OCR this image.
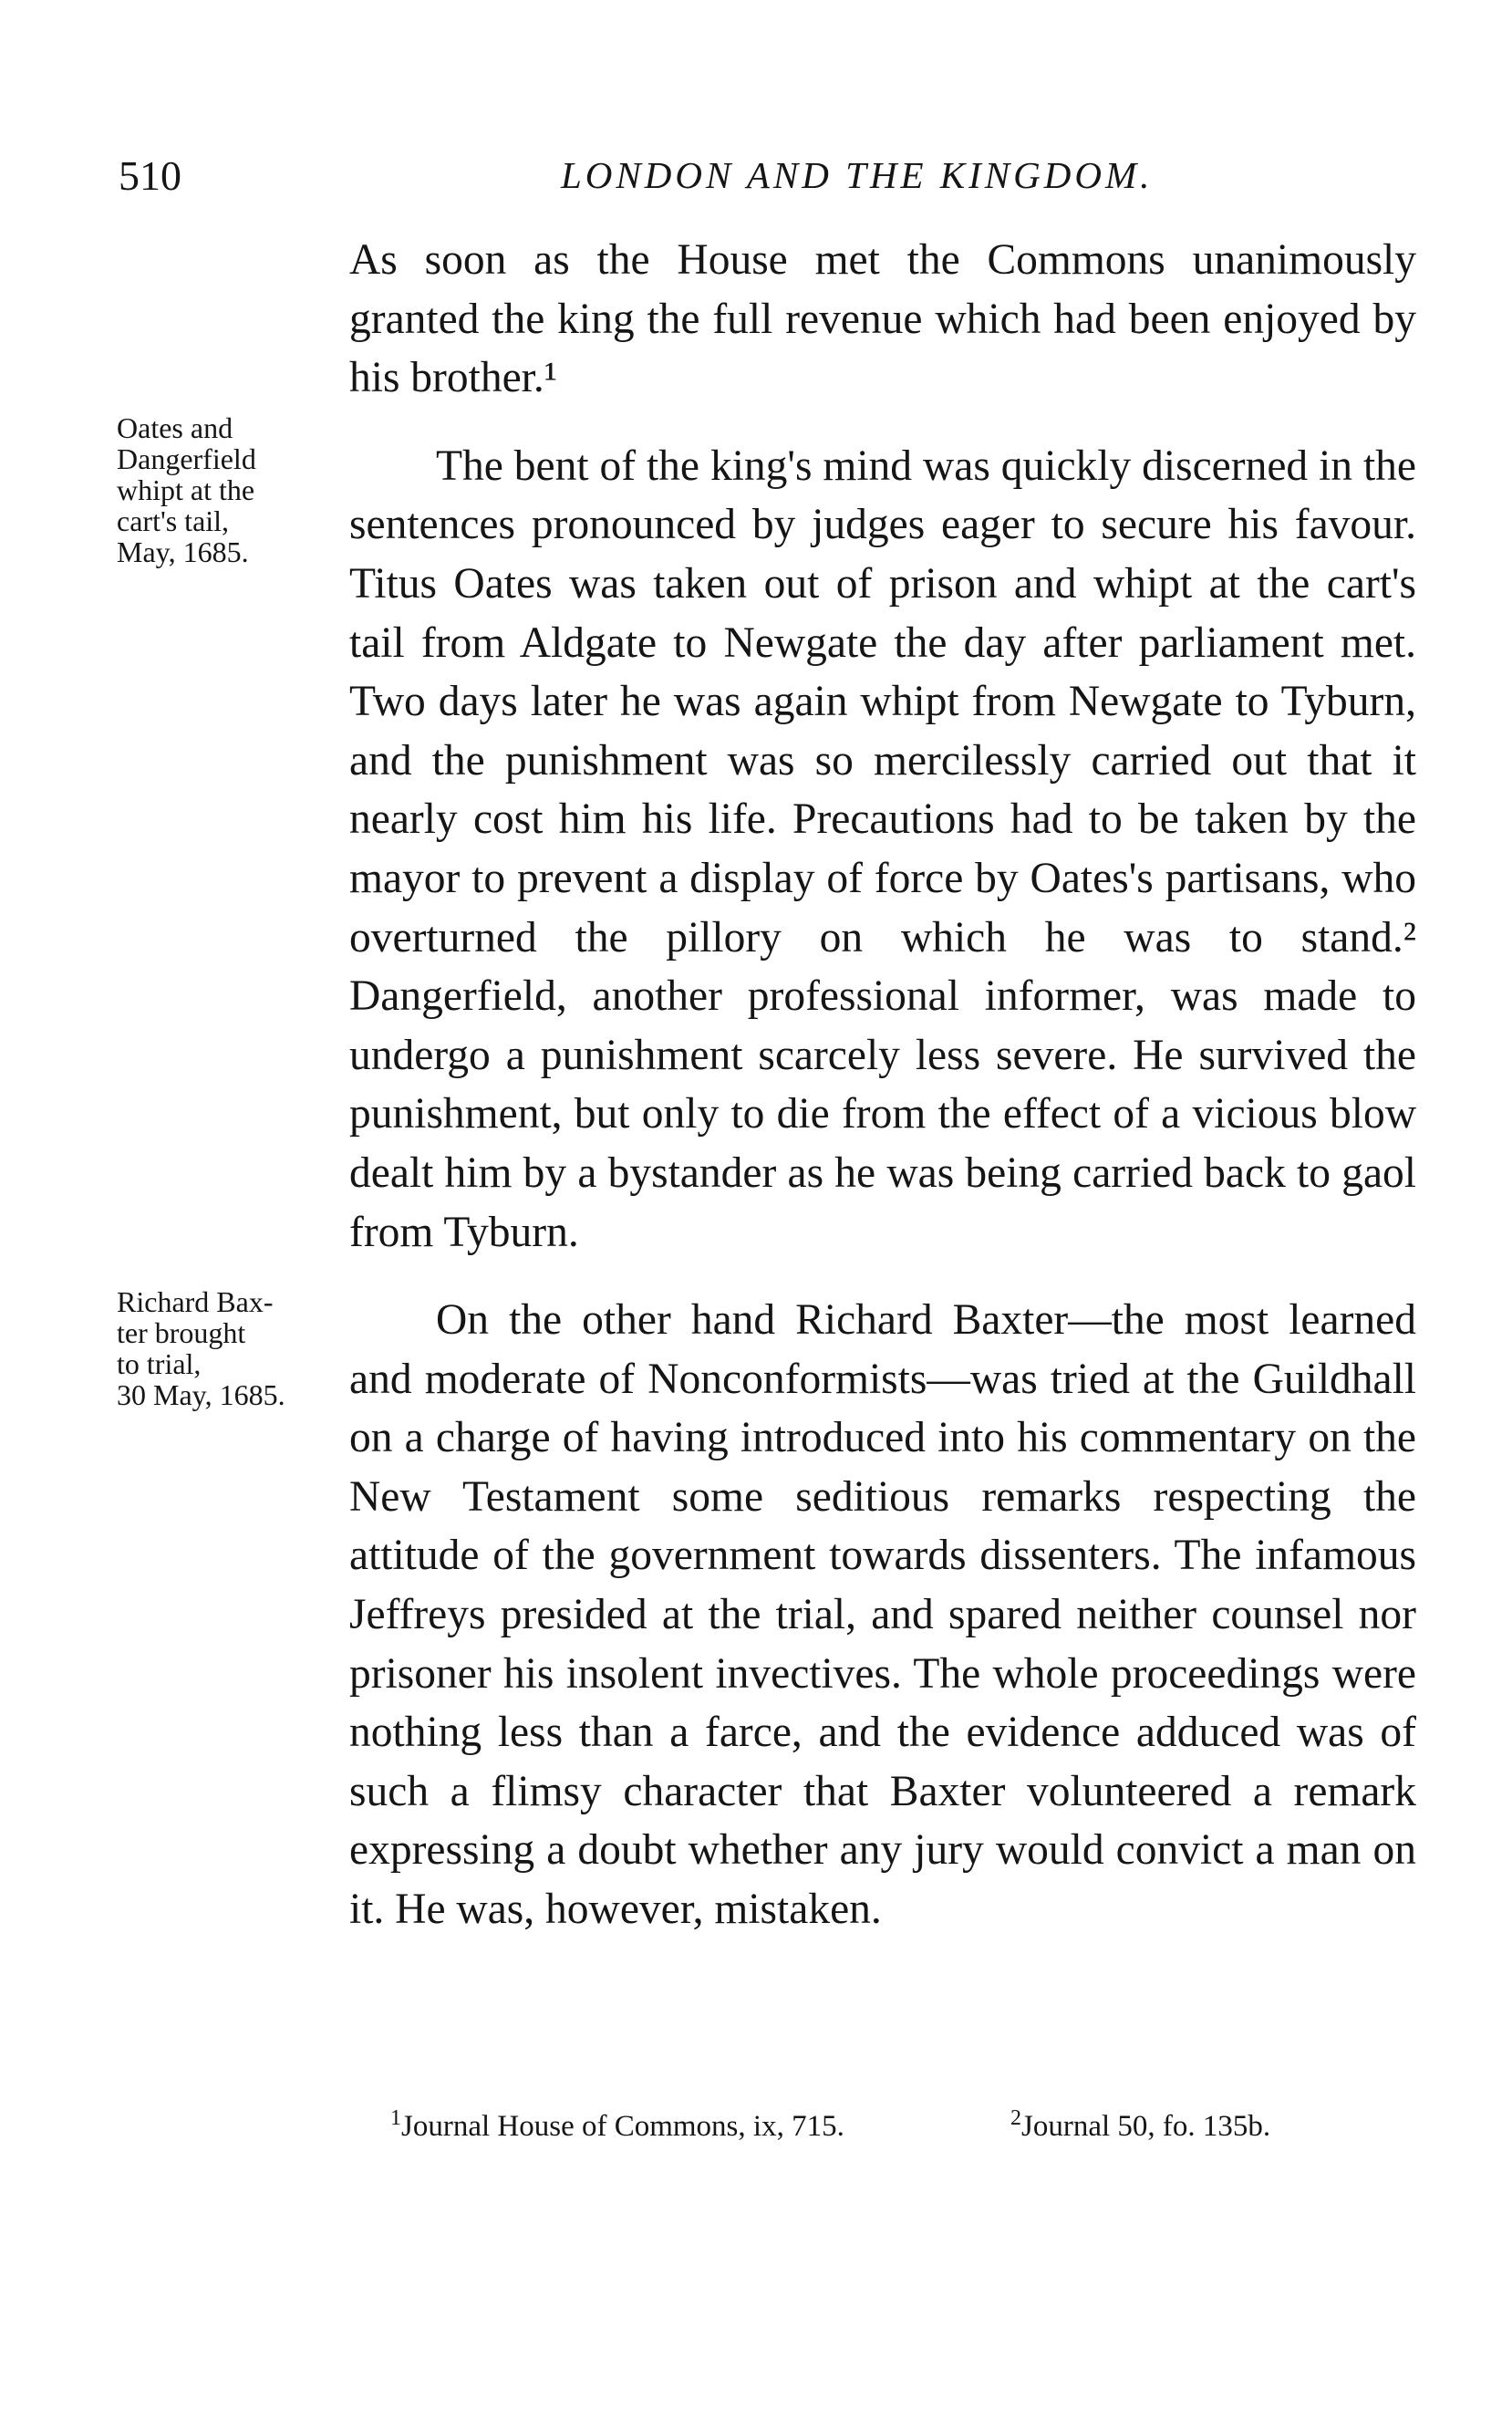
510	LONDON AND THE KINGDOM.
Oates and
Dangerfield
whipt at the
cart's tail,
May, 1685.
Richard Bax-
ter brought
to trial,
30 May, 1685.

As soon as the House met the Commons unanimously granted the king the full revenue which had been enjoyed by his brother.¹

The bent of the king's mind was quickly discerned in the sentences pronounced by judges eager to secure his favour. Titus Oates was taken out of prison and whipt at the cart's tail from Aldgate to Newgate the day after parliament met. Two days later he was again whipt from Newgate to Tyburn, and the punishment was so mercilessly carried out that it nearly cost him his life. Precautions had to be taken by the mayor to prevent a display of force by Oates's partisans, who overturned the pillory on which he was to stand.² Dangerfield, another professional informer, was made to undergo a punishment scarcely less severe. He survived the punishment, but only to die from the effect of a vicious blow dealt him by a bystander as he was being carried back to gaol from Tyburn.

On the other hand Richard Baxter—the most learned and moderate of Nonconformists—was tried at the Guildhall on a charge of having introduced into his commentary on the New Testament some seditious remarks respecting the attitude of the government towards dissenters. The infamous Jeffreys presided at the trial, and spared neither counsel nor prisoner his insolent invectives. The whole proceedings were nothing less than a farce, and the evidence adduced was of such a flimsy character that Baxter volunteered a remark expressing a doubt whether any jury would convict a man on it. He was, however, mistaken.

$^1$Journal House of Commons, ix, 715.	$^2$Journal 50, fo. 135b.
